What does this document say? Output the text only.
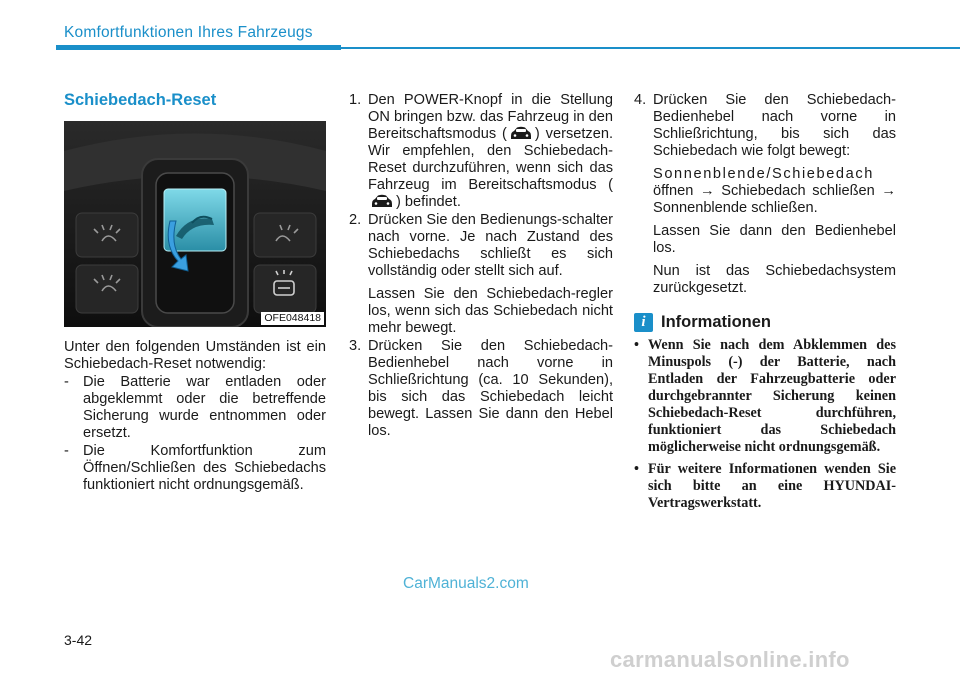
Komfortfunktionen Ihres Fahrzeugs
Schiebedach-Reset
OFE048418

Unter den folgenden Umständen ist ein Schiebedach-Reset notwendig:

- Die Batterie war entladen oder abgeklemmt oder die betreffende Sicherung wurde entnommen oder ersetzt.
- Die Komfortfunktion zum Öffnen/Schließen des Schiebedachs funktioniert nicht ordnungsgemäß.
1. Den POWER-Knopf in die Stellung ON bringen bzw. das Fahrzeug in den Bereitschaftsmodus ( ) versetzen. Wir empfehlen, den Schiebedach-Reset durchzuführen, wenn sich das Fahrzeug im Bereitschaftsmodus () befindet.
2. Drücken Sie den Bedienungs-schalter nach vorne. Je nach Zustand des Schiebedachs schließt es sich vollständig oder stellt sich auf.
Lassen Sie den Schiebedach-regler los, wenn sich das Schiebedach nicht mehr bewegt.
3. Drücken Sie den Schiebedach-Bedienhebel nach vorne in Schließrichtung (ca. 10 Sekunden), bis sich das Schiebedach leicht bewegt. Lassen Sie dann den Hebel los.
4. Drücken Sie den Schiebedach-Bedienhebel nach vorne in Schließrichtung, bis sich das Schiebedach wie folgt bewegt:
Sonnenblende/Schiebedach
öffnen → Schiebedach schließen → Sonnenblende schließen.
Lassen Sie dann den Bedienhebel los.
Nun ist das Schiebedachsystem zurückgesetzt.
i Informationen
• Wenn Sie nach dem Abklemmen des Minuspols (-) der Batterie, nach Entladen der Fahrzeugbatterie oder durchgebrannter Sicherung keinen Schiebedach-Reset durchführen, funktioniert das Schiebedach möglicherweise nicht ordnungsgemäß.
• Für weitere Informationen wenden Sie sich bitte an eine HYUNDAI-Vertragswerkstatt.
CarManuals2.com
3-42
carmanualsonline.info
